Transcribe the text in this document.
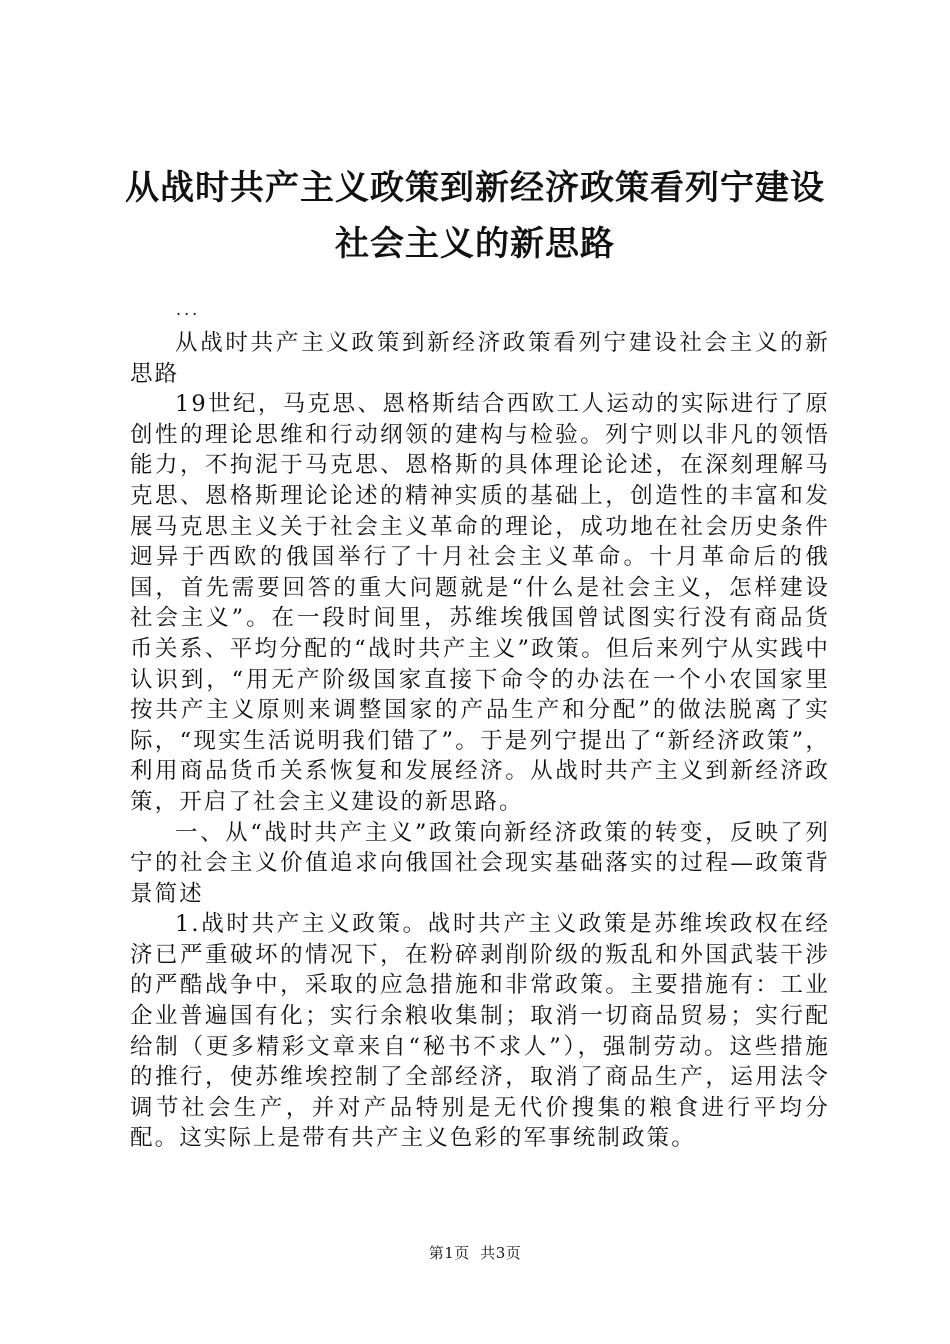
从战时共产主义政策到新经济政策看列宁建设
社会主义的新思路
...

从战时共产主义政策到新经济政策看列宁建设社会主义的新思路

19世纪，马克思、恩格斯结合西欧工人运动的实际进行了原创性的理论思维和行动纲领的建构与检验。列宁则以非凡的领悟能力，不拘泥于马克思、恩格斯的具体理论论述，在深刻理解马克思、恩格斯理论论述的精神实质的基础上，创造性的丰富和发展马克思主义关于社会主义革命的理论，成功地在社会历史条件迥异于西欧的俄国举行了十月社会主义革命。十月革命后的俄国，首先需要回答的重大问题就是“什么是社会主义，怎样建设社会主义”。在一段时间里，苏维埃俄国曾试图实行没有商品货币关系、平均分配的“战时共产主义”政策。但后来列宁从实践中认识到，“用无产阶级国家直接下命令的办法在一个小农国家里按共产主义原则来调整国家的产品生产和分配”的做法脱离了实际，“现实生活说明我们错了”。于是列宁提出了“新经济政策”，利用商品货币关系恢复和发展经济。从战时共产主义到新经济政策，开启了社会主义建设的新思路。

一、从“战时共产主义”政策向新经济政策的转变，反映了列宁的社会主义价值追求向俄国社会现实基础落实的过程—政策背景简述

1.战时共产主义政策。战时共产主义政策是苏维埃政权在经济已严重破坏的情况下，在粉碎剥削阶级的叛乱和外国武装干涉的严酷战争中，采取的应急措施和非常政策。主要措施有：工业企业普遍国有化；实行余粮收集制；取消一切商品贸易；实行配给制（更多精彩文章来自“秘书不求人”），强制劳动。这些措施的推行，使苏维埃控制了全部经济，取消了商品生产，运用法令调节社会生产，并对产品特别是无代价搜集的粮食进行平均分配。这实际上是带有共产主义色彩的军事统制政策。

第1页  共3页
